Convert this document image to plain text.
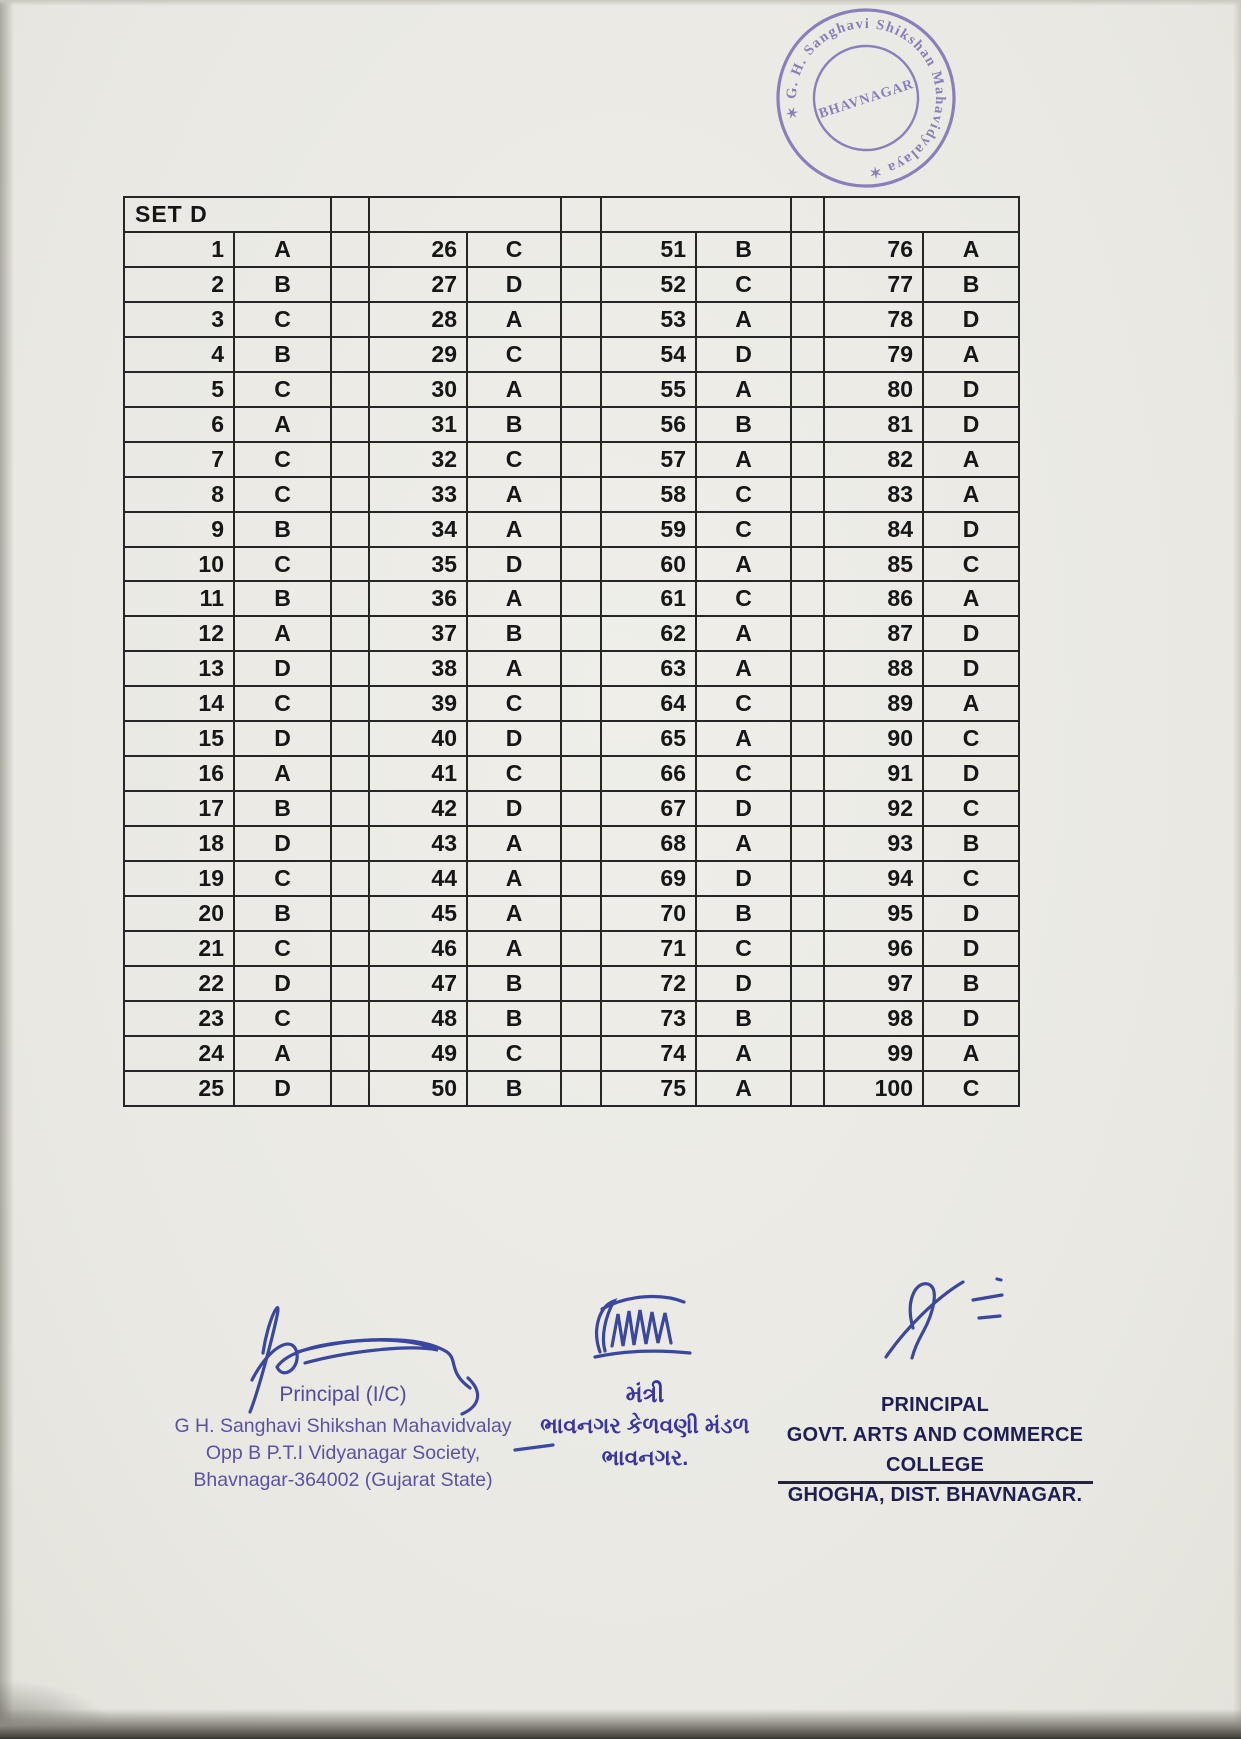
✶ G. H. Sanghavi Shikshan Mahavidyalaya ✶
BHAVNAGAR
SET D										
1	A		26	C		51	B		76	A
2	B		27	D		52	C		77	B
3	C		28	A		53	A		78	D
4	B		29	C		54	D		79	A
5	C		30	A		55	A		80	D
6	A		31	B		56	B		81	D
7	C		32	C		57	A		82	A
8	C		33	A		58	C		83	A
9	B		34	A		59	C		84	D
10	C		35	D		60	A		85	C
11	B		36	A		61	C		86	A
12	A		37	B		62	A		87	D
13	D		38	A		63	A		88	D
14	C		39	C		64	C		89	A
15	D		40	D		65	A		90	C
16	A		41	C		66	C		91	D
17	B		42	D		67	D		92	C
18	D		43	A		68	A		93	B
19	C		44	A		69	D		94	C
20	B		45	A		70	B		95	D
21	C		46	A		71	C		96	D
22	D		47	B		72	D		97	B
23	C		48	B		73	B		98	D
24	A		49	C		74	A		99	A
25	D		50	B		75	A		100	C
Principal (I/C)
G H. Sanghavi Shikshan Mahavidvalay
Opp B P.T.I Vidyanagar Society,
Bhavnagar-364002 (Gujarat State)
મંત્રી
ભાવનગર કેળવણી મંડળ
ભાવનગર.
PRINCIPAL
GOVT. ARTS AND COMMERCE COLLEGE
GHOGHA, DIST. BHAVNAGAR.
